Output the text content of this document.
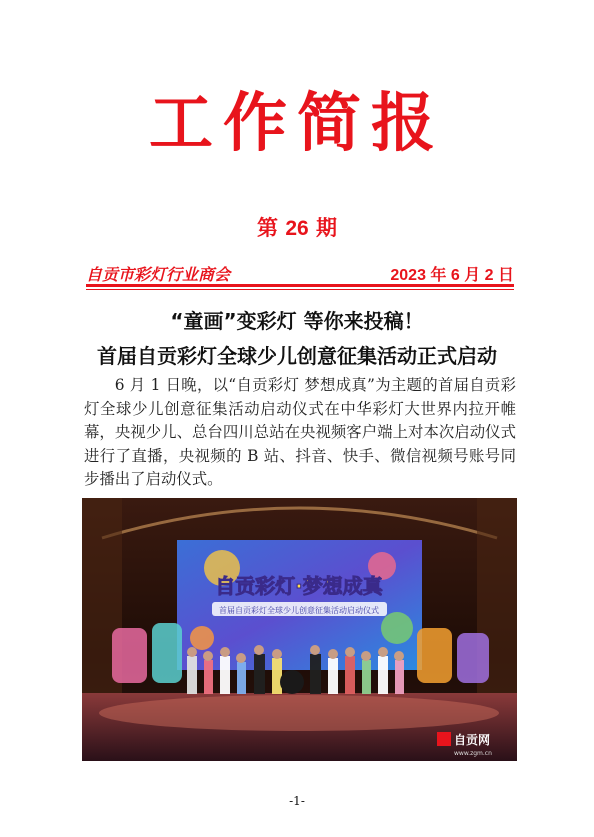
工作简报
第 26 期
自贡市彩灯行业商会	2023 年 6 月 2 日
“童画”变彩灯 等你来投稿！
首届自贡彩灯全球少儿创意征集活动正式启动

6 月 1 日晚，以“自贡彩灯 梦想成真”为主题的首届自贡彩灯全球少儿创意征集活动启动仪式在中华彩灯大世界内拉开帷幕，央视少儿、总台四川总站在央视频客户端上对本次启动仪式进行了直播，央视频的 B 站、抖音、快手、微信视频号账号同步播出了启动仪式。

自贡彩灯·梦想成真
首届自贡彩灯全球少儿创意征集活动启动仪式
自贡网
www.zgm.cn
-1-
